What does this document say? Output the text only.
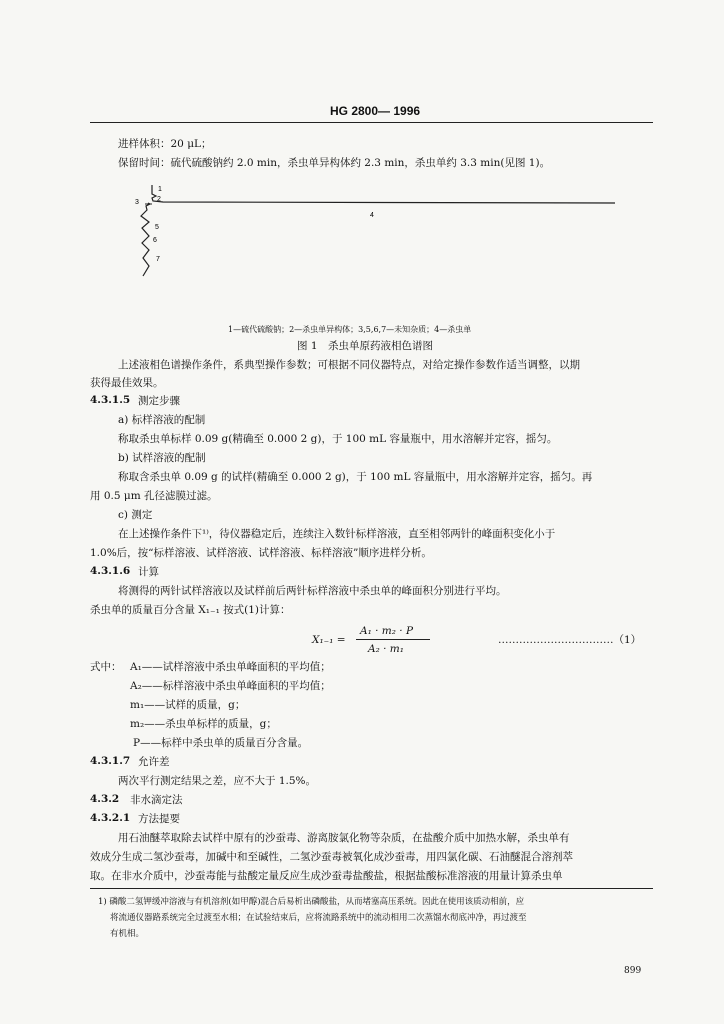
HG 2800— 1996
进样体积：20 μL；
保留时间：硫代硫酸钠约 2.0 min，杀虫单异构体约 2.3 min，杀虫单约 3.3 min(见图 1)。
1
2
3
4
5
6
7
1—硫代硫酸钠；2—杀虫单异构体；3,5,6,7—未知杂质；4—杀虫单
图 1　杀虫单原药液相色谱图
上述液相色谱操作条件，系典型操作参数；可根据不同仪器特点，对给定操作参数作适当调整，以期
获得最佳效果。
4.3.1.5 测定步骤
a) 标样溶液的配制
称取杀虫单标样 0.09 g(精确至 0.000 2 g)，于 100 mL 容量瓶中，用水溶解并定容，摇匀。
b) 试样溶液的配制
称取含杀虫单 0.09 g 的试样(精确至 0.000 2 g)，于 100 mL 容量瓶中，用水溶解并定容，摇匀。再
用 0.5 μm 孔径滤膜过滤。
c) 测定
在上述操作条件下¹⁾，待仪器稳定后，连续注入数针标样溶液，直至相邻两针的峰面积变化小于
1.0%后，按“标样溶液、试样溶液、试样溶液、标样溶液”顺序进样分析。
4.3.1.6 计算
将测得的两针试样溶液以及试样前后两针标样溶液中杀虫单的峰面积分别进行平均。
杀虫单的质量百分含量 X₁₋₁ 按式(1)计算：
X₁₋₁ =
A₁ · m₂ · P
A₂ · m₁
……………………………（1）
式中： A₁——试样溶液中杀虫单峰面积的平均值；
A₂——标样溶液中杀虫单峰面积的平均值；
m₁——试样的质量，g；
m₂——杀虫单标样的质量，g；
P——标样中杀虫单的质量百分含量。
4.3.1.7 允许差
两次平行测定结果之差，应不大于 1.5%。
4.3.2 非水滴定法
4.3.2.1 方法提要
用石油醚萃取除去试样中原有的沙蚕毒、游离胺氯化物等杂质，在盐酸介质中加热水解，杀虫单有
效成分生成二氢沙蚕毒，加碱中和至碱性，二氢沙蚕毒被氧化成沙蚕毒，用四氯化碳、石油醚混合溶剂萃
取。在非水介质中，沙蚕毒能与盐酸定量反应生成沙蚕毒盐酸盐，根据盐酸标准溶液的用量计算杀虫单
1) 磷酸二氢钾缓冲溶液与有机溶剂(如甲醇)混合后易析出磷酸盐，从而堵塞高压系统。因此在使用该质动相前，应
将流通仪器路系统完全过渡至水相；在试验结束后，应将流路系统中的流动相用二次蒸馏水彻底冲净，再过渡至
有机相。
899
